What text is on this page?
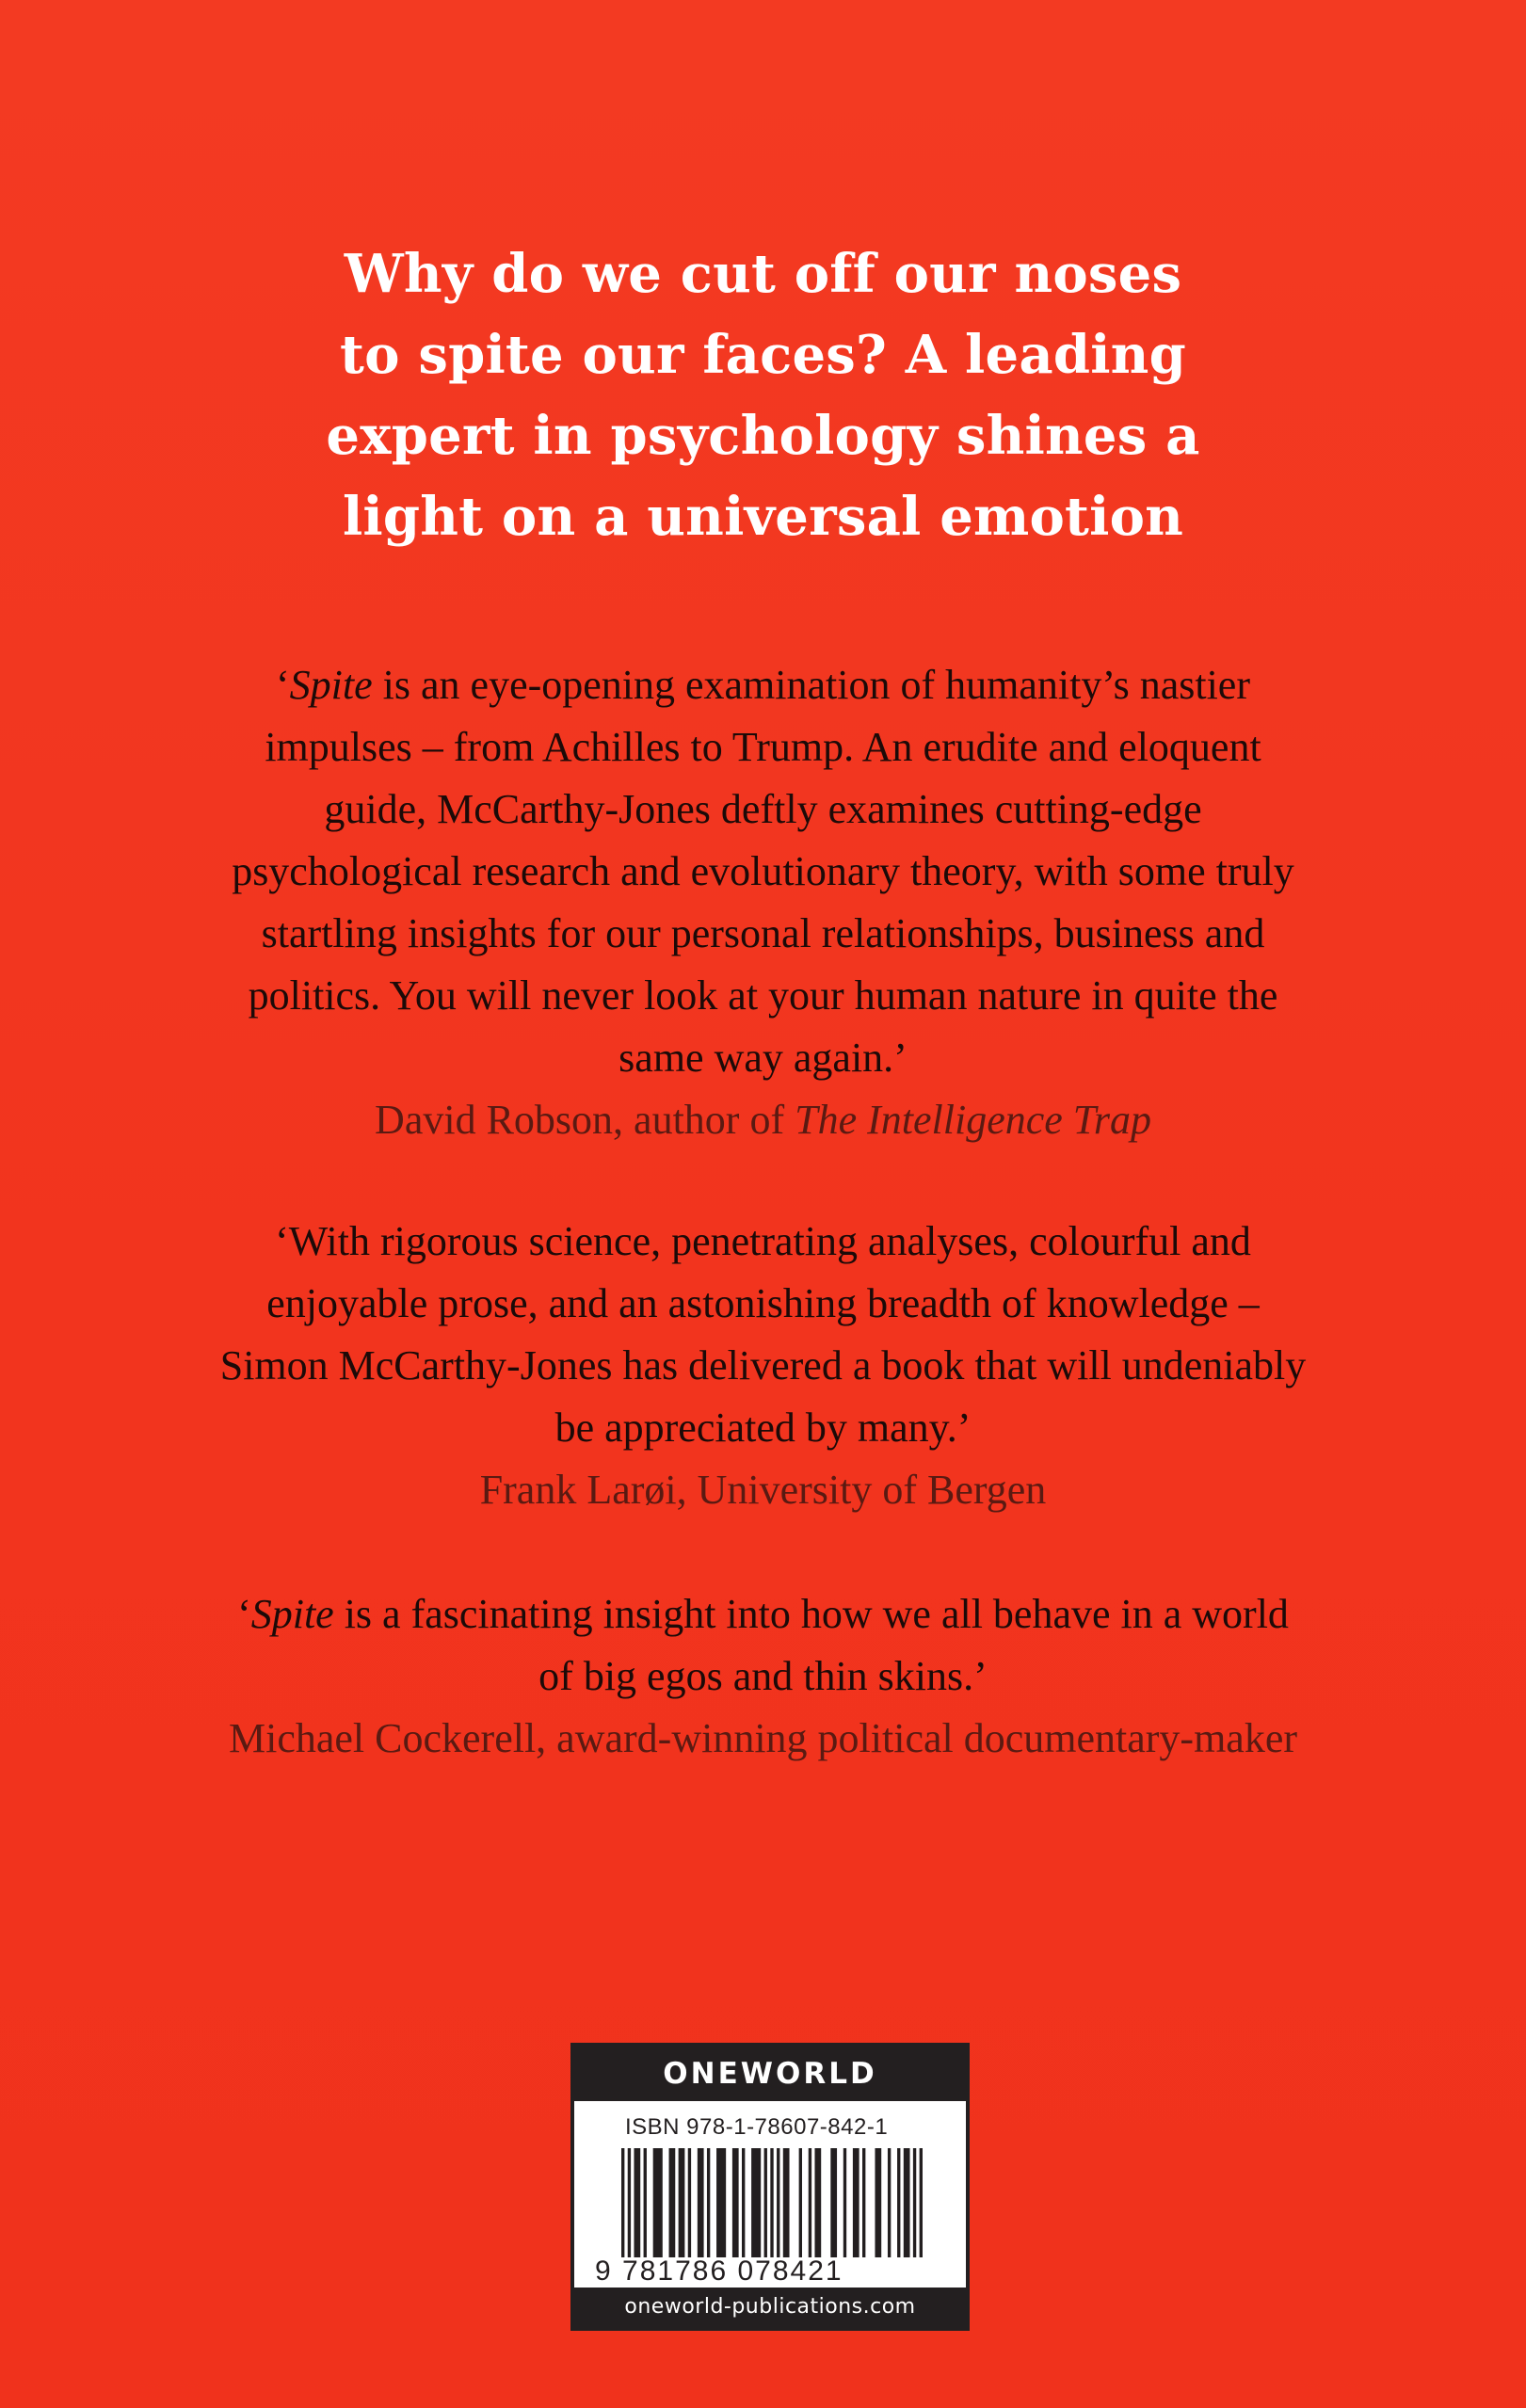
Why do we cut off our noses
to spite our faces? A leading
expert in psychology shines a
light on a universal emotion
‘Spite is an eye-opening examination of humanity’s nastier
impulses – from Achilles to Trump. An erudite and eloquent
guide, McCarthy-Jones deftly examines cutting-edge
psychological research and evolutionary theory, with some truly
startling insights for our personal relationships, business and
politics. You will never look at your human nature in quite the
same way again.’
David Robson, author of The Intelligence Trap
‘With rigorous science, penetrating analyses, colourful and
enjoyable prose, and an astonishing breadth of knowledge –
Simon McCarthy-Jones has delivered a book that will undeniably
be appreciated by many.’
Frank Larøi, University of Bergen
‘Spite is a fascinating insight into how we all behave in a world
of big egos and thin skins.’
Michael Cockerell, award-winning political documentary-maker
ONEWORLD
ISBN 978-1-78607-842-1
9 781786 078421
oneworld-publications.com
